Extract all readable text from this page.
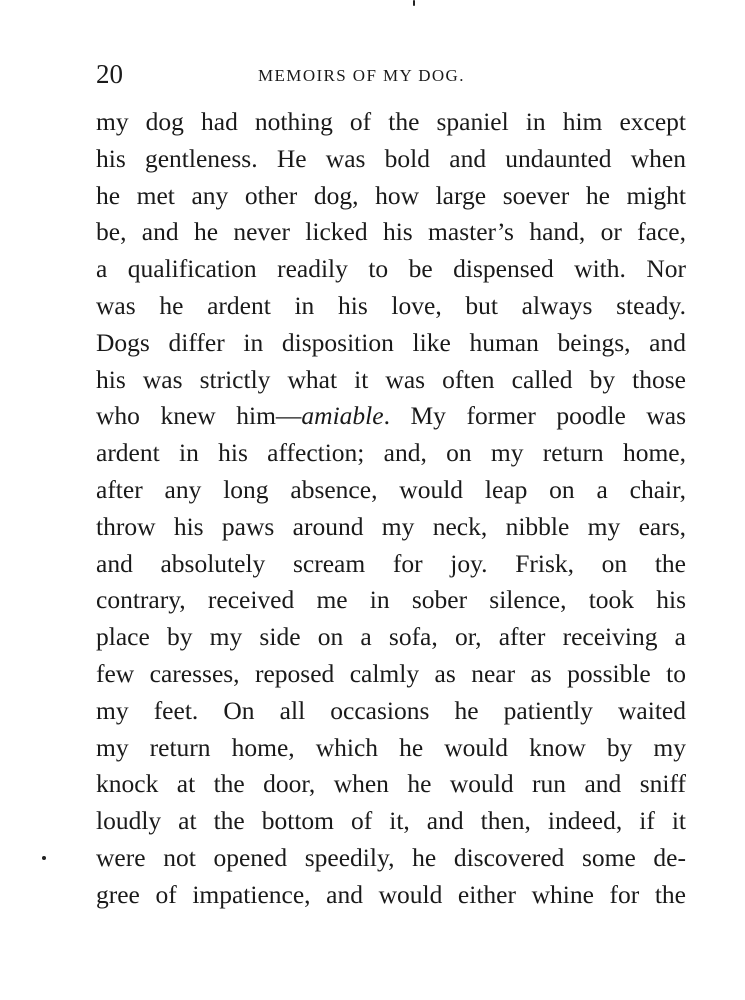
20	MEMOIRS OF MY DOG.
my dog had nothing of the spaniel in him except
his gentleness. He was bold and undaunted when
he met any other dog, how large soever he might
be, and he never licked his master’s hand, or face,
a qualification readily to be dispensed with. Nor
was he ardent in his love, but always steady.
Dogs differ in disposition like human beings, and
his was strictly what it was often called by those
who knew him—amiable. My former poodle was
ardent in his affection; and, on my return home,
after any long absence, would leap on a chair,
throw his paws around my neck, nibble my ears,
and absolutely scream for joy. Frisk, on the
contrary, received me in sober silence, took his
place by my side on a sofa, or, after receiving a
few caresses, reposed calmly as near as possible to
my feet. On all occasions he patiently waited
my return home, which he would know by my
knock at the door, when he would run and sniff
loudly at the bottom of it, and then, indeed, if it
were not opened speedily, he discovered some de-
gree of impatience, and would either whine for the
